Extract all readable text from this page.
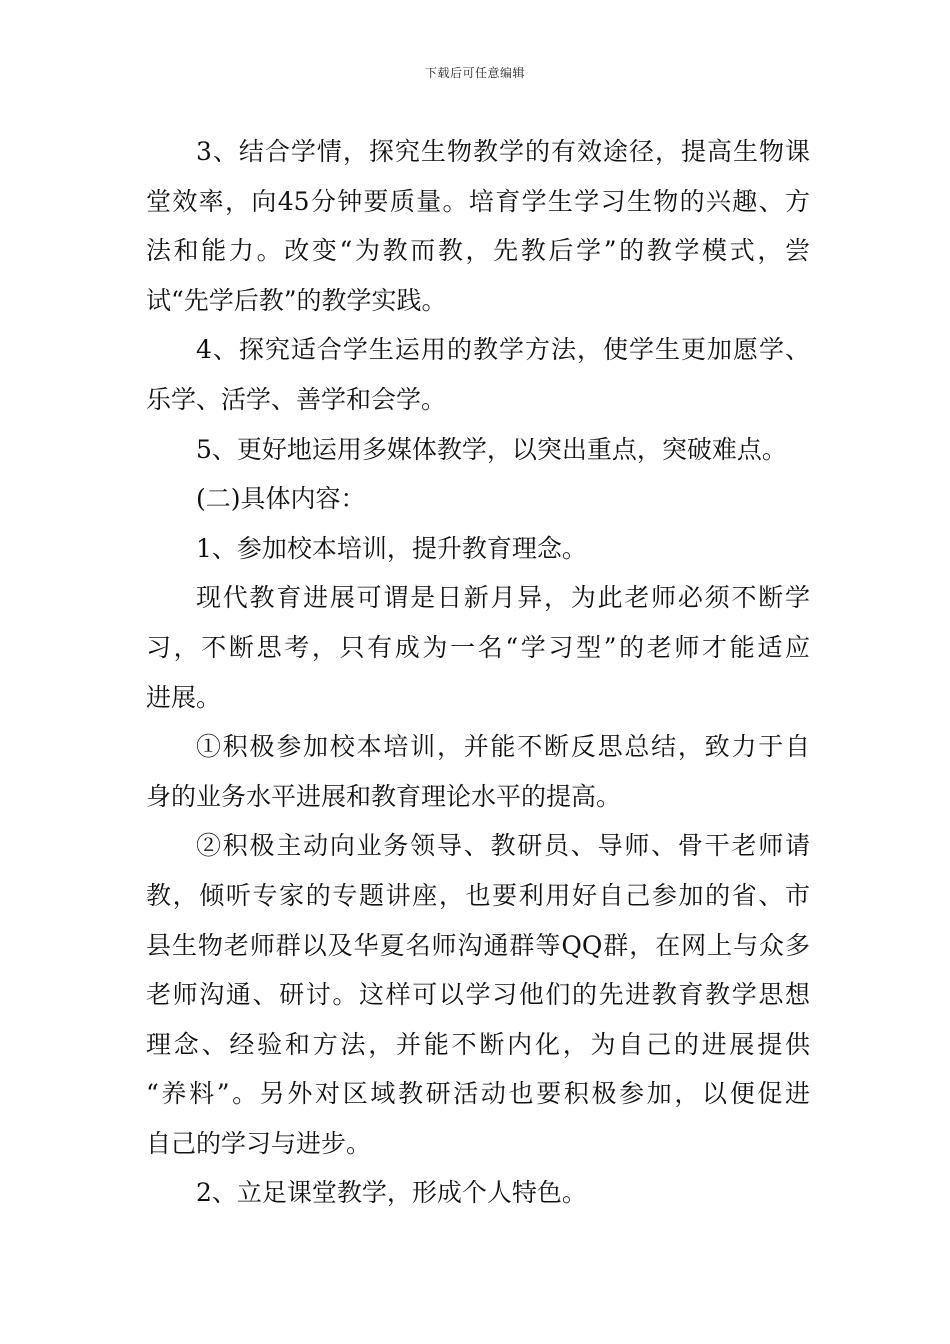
下载后可任意编辑
3、结合学情，探究生物教学的有效途径，提高生物课
堂效率，向45分钟要质量。培育学生学习生物的兴趣、方
法和能力。改变“为教而教，先教后学”的教学模式，尝
试“先学后教”的教学实践。
4、探究适合学生运用的教学方法，使学生更加愿学、
乐学、活学、善学和会学。
5、更好地运用多媒体教学，以突出重点，突破难点。
(二)具体内容：
1、参加校本培训，提升教育理念。
现代教育进展可谓是日新月异，为此老师必须不断学
习，不断思考，只有成为一名“学习型”的老师才能适应
进展。
①积极参加校本培训，并能不断反思总结，致力于自
身的业务水平进展和教育理论水平的提高。
②积极主动向业务领导、教研员、导师、骨干老师请
教，倾听专家的专题讲座，也要利用好自己参加的省、市
县生物老师群以及华夏名师沟通群等QQ群，在网上与众多
老师沟通、研讨。这样可以学习他们的先进教育教学思想
理念、经验和方法，并能不断内化，为自己的进展提供
“养料”。另外对区域教研活动也要积极参加，以便促进
自己的学习与进步。
2、立足课堂教学，形成个人特色。
